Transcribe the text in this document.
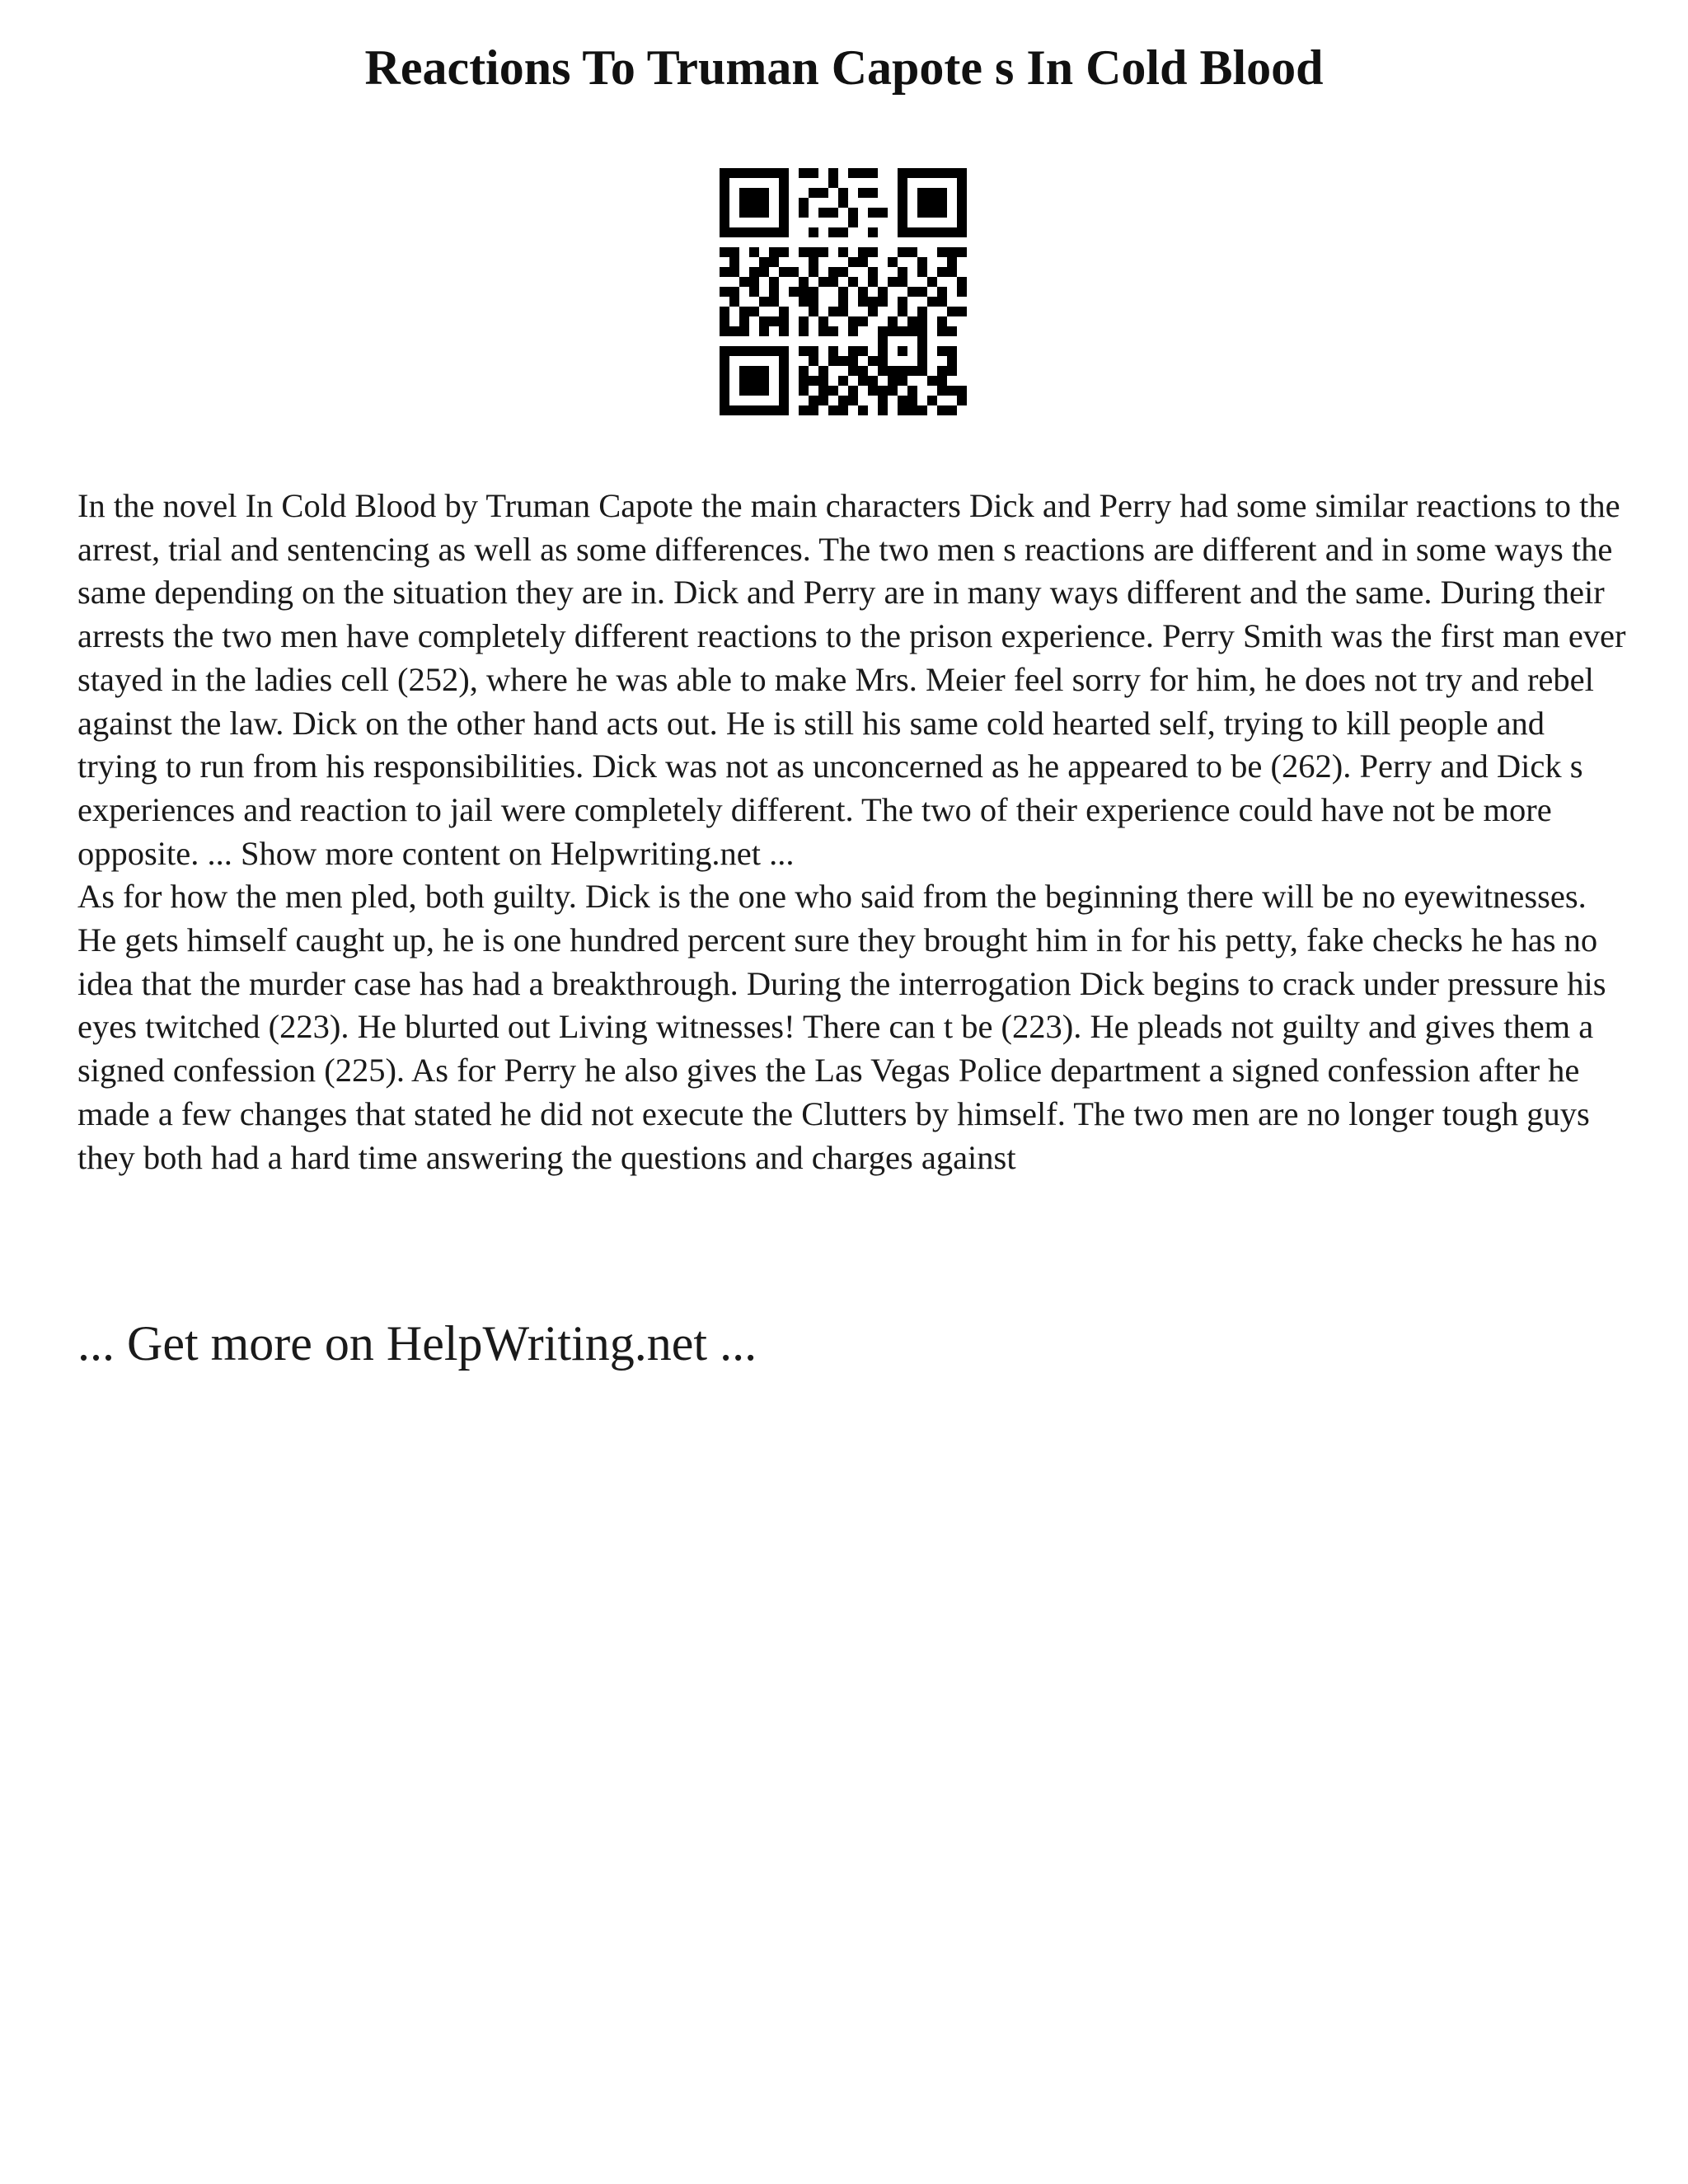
Reactions To Truman Capote s In Cold Blood

In the novel In Cold Blood by Truman Capote the main characters Dick and Perry had some similar reactions to the arrest, trial and sentencing as well as some differences. The two men s reactions are different and in some ways the same depending on the situation they are in. Dick and Perry are in many ways different and the same. During their arrests the two men have completely different reactions to the prison experience. Perry Smith was the first man ever stayed in the ladies cell (252), where he was able to make Mrs. Meier feel sorry for him, he does not try and rebel against the law. Dick on the other hand acts out. He is still his same cold hearted self, trying to kill people and trying to run from his responsibilities. Dick was not as unconcerned as he appeared to be (262). Perry and Dick s experiences and reaction to jail were completely different. The two of their experience could have not be more opposite. ... Show more content on Helpwriting.net ...

As for how the men pled, both guilty. Dick is the one who said from the beginning there will be no eyewitnesses. He gets himself caught up, he is one hundred percent sure they brought him in for his petty, fake checks he has no idea that the murder case has had a breakthrough. During the interrogation Dick begins to crack under pressure his eyes twitched (223). He blurted out Living witnesses! There can t be (223). He pleads not guilty and gives them a signed confession (225). As for Perry he also gives the Las Vegas Police department a signed confession after he made a few changes that stated he did not execute the Clutters by himself. The two men are no longer tough guys they both had a hard time answering the questions and charges against

... Get more on HelpWriting.net ...
